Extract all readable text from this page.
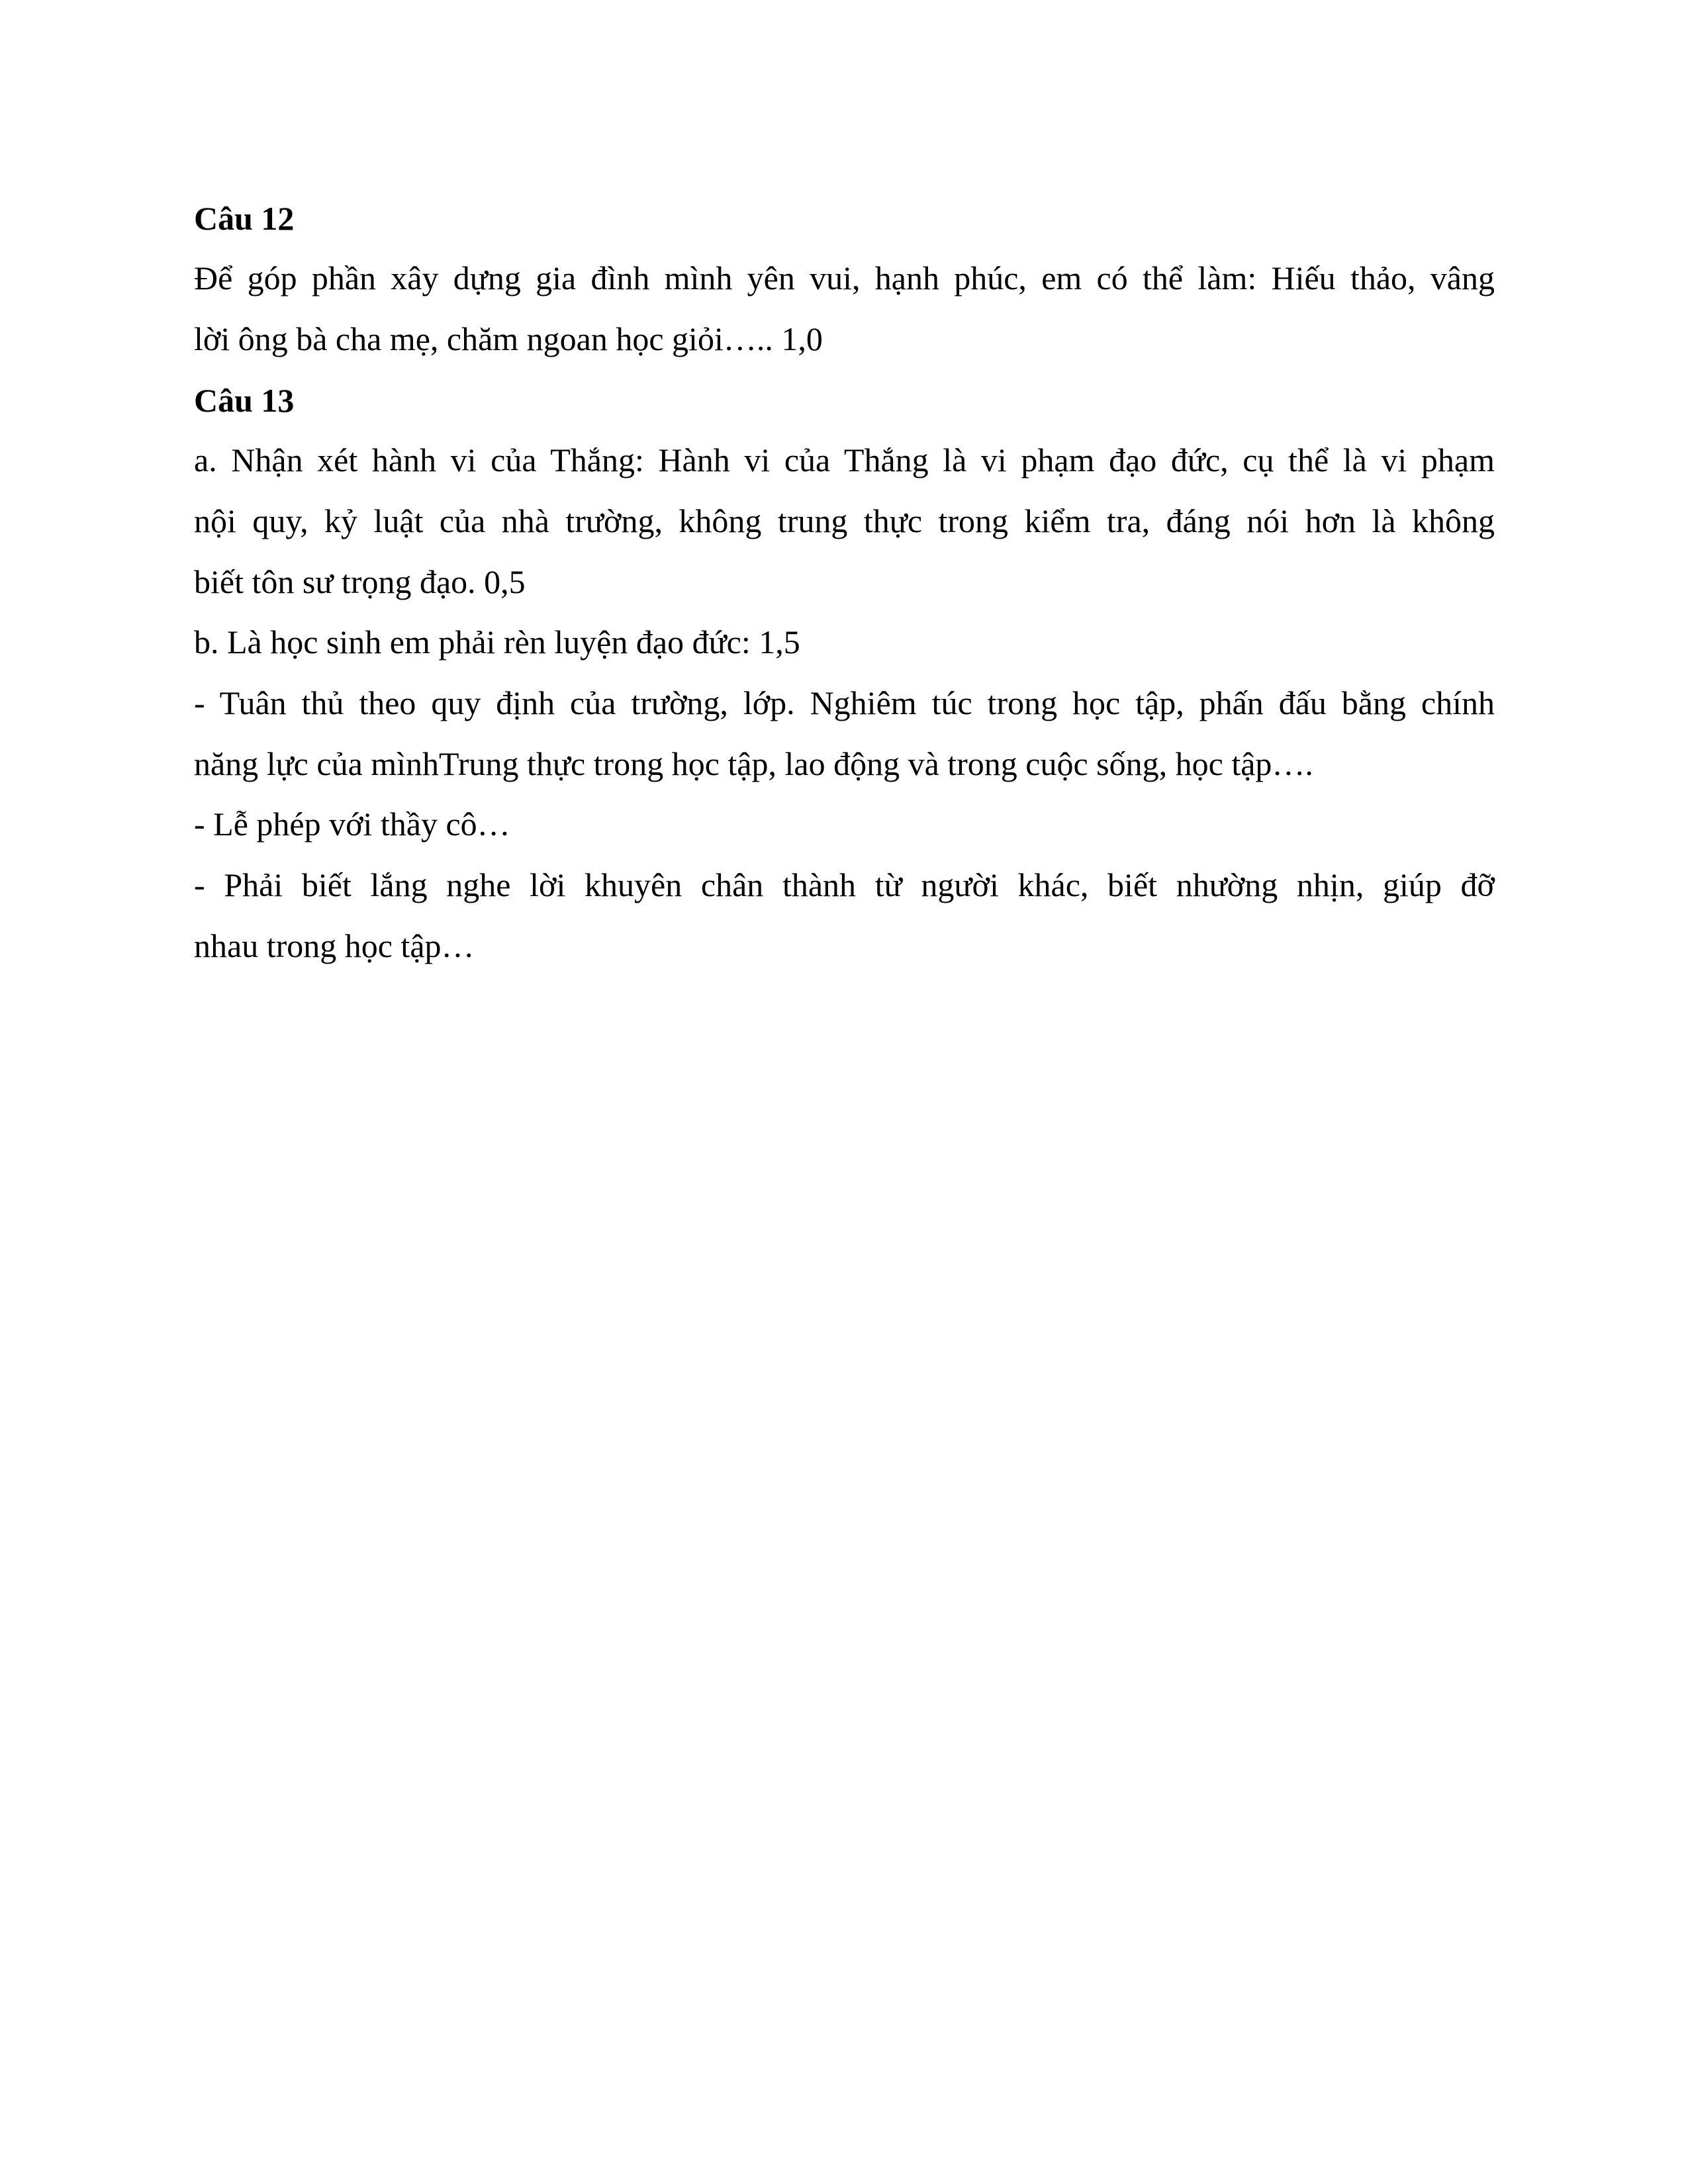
Câu 12
Để góp phần xây dựng gia đình mình yên vui, hạnh phúc, em có thể làm: Hiếu thảo, vâng
lời ông bà cha mẹ, chăm ngoan học giỏi….. 1,0
Câu 13
a. Nhận xét hành vi của Thắng: Hành vi của Thắng là vi phạm đạo đức, cụ thể là vi phạm
nội quy, kỷ luật của nhà trường, không trung thực trong kiểm tra, đáng nói hơn là không
biết tôn sư trọng đạo. 0,5
b. Là học sinh em phải rèn luyện đạo đức: 1,5
- Tuân thủ theo quy định của trường, lớp. Nghiêm túc trong học tập, phấn đấu bằng chính
năng lực của mìnhTrung thực trong học tập, lao động và trong cuộc sống, học tập….
- Lễ phép với thầy cô…
- Phải biết lắng nghe lời khuyên chân thành từ người khác, biết nhường nhịn, giúp đỡ
nhau trong học tập…
